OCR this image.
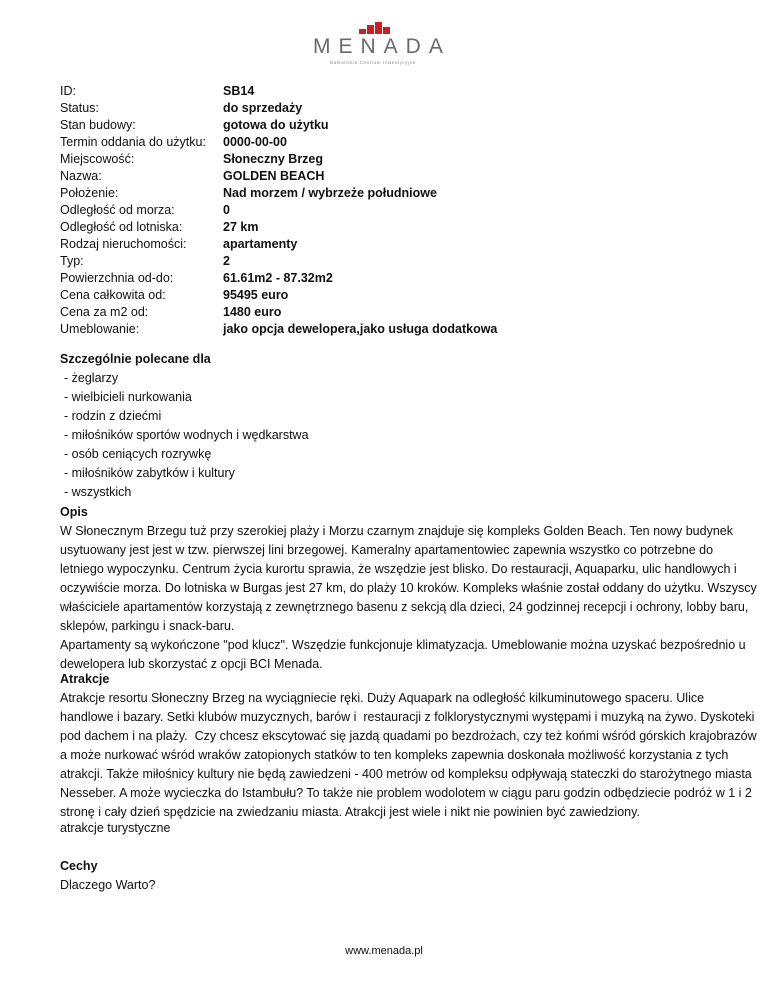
MENADA
Bałkańskie Centrum Inwestycyjne
ID:	SB14
Status:	do sprzedaży
Stan budowy:	gotowa do użytku
Termin oddania do użytku: 0000-00-00
Miejscowość:	Słoneczny Brzeg
Nazwa:	GOLDEN BEACH
Położenie:	Nad morzem / wybrzeże południowe
Odległość od morza:	0
Odległość od lotniska:	27 km
Rodzaj nieruchomości:	apartamenty
Typ:	2
Powierzchnia od-do:	61.61m2 - 87.32m2
Cena całkowita od:	95495 euro
Cena za m2 od:	1480 euro
Umeblowanie:	jako opcja dewelopera,jako usługa dodatkowa
Szczególnie polecane dla
- żeglarzy
- wielbicieli nurkowania
- rodzin z dziećmi
- miłośników sportów wodnych i wędkarstwa
- osób ceniących rozrywkę
- miłośników zabytków i kultury
- wszystkich
Opis
W Słonecznym Brzegu tuż przy szerokiej plaży i Morzu czarnym znajduje się kompleks Golden Beach. Ten nowy budynek
usytuowany jest jest w tzw. pierwszej lini brzegowej. Kameralny apartamentowiec zapewnia wszystko co potrzebne do
letniego wypoczynku. Centrum życia kurortu sprawia, że wszędzie jest blisko. Do restauracji, Aquaparku, ulic handlowych i
oczywiście morza. Do lotniska w Burgas jest 27 km, do plaży 10 kroków. Kompleks właśnie został oddany do użytku. Wszyscy
właściciele apartamentów korzystają z zewnętrznego basenu z sekcją dla dzieci, 24 godzinnej recepcji i ochrony, lobby baru,
sklepów, parkingu i snack-baru.
Apartamenty są wykończone "pod klucz". Wszędzie funkcjonuje klimatyzacja. Umeblowanie można uzyskać bezpośrednio u
dewelopera lub skorzystać z opcji BCI Menada.
Atrakcje
Atrakcje resortu Słoneczny Brzeg na wyciągniecie ręki. Duży Aquapark na odległość kilkuminutowego spaceru. Ulice
handlowe i bazary. Setki klubów muzycznych, barów i  restauracji z folklorystycznymi występami i muzyką na żywo. Dyskoteki
pod dachem i na plaży.  Czy chcesz ekscytować się jazdą quadami po bezdrożach, czy też końmi wśród górskich krajobrazów
a może nurkować wśród wraków zatopionych statków to ten kompleks zapewnia doskonała możliwość korzystania z tych
atrakcji. Także miłośnicy kultury nie będą zawiedzeni - 400 metrów od kompleksu odpływają stateczki do starożytnego miasta
Nesseber. A może wycieczka do Istambułu? To także nie problem wodolotem w ciągu paru godzin odbędziecie podróż w 1 i 2
stronę i cały dzień spędzicie na zwiedzaniu miasta. Atrakcji jest wiele i nikt nie powinien być zawiedziony.

atrakcje turystyczne

Cechy

Dlaczego Warto?

www.menada.pl
